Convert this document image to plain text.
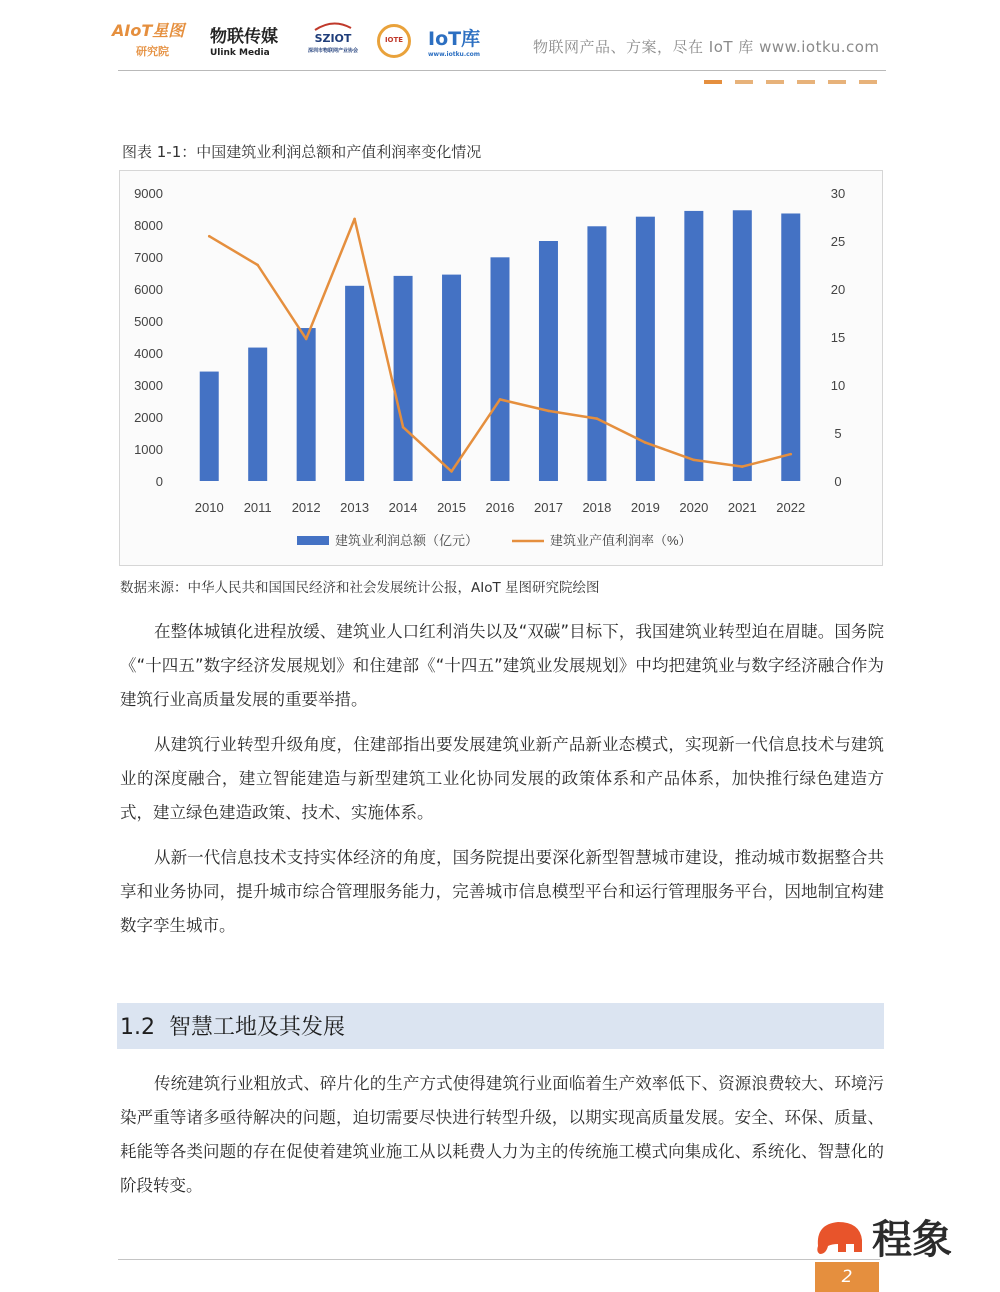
AIoT星图
研究院
物联传媒
Ulink Media
SZIOT
深圳市物联网产业协会
IOTE IoT库
www.iotku.com	物联网产品、方案，尽在 IoT 库 www.iotku.com
图表 1-1：中国建筑业利润总额和产值利润率变化情况
0
1000
2000
3000
4000
5000
6000
7000
8000
9000
0
5
10
15
20
25
30
2010 2011 2012 2013 2014 2015 2016 2017 2018 2019 2020 2021 2022
建筑业利润总额（亿元）	建筑业产值利润率（%）
数据来源：中华人民共和国国民经济和社会发展统计公报，AIoT 星图研究院绘图

在整体城镇化进程放缓、建筑业人口红利消失以及“双碳”目标下，我国建筑业转型迫在眉睫。国务院《“十四五”数字经济发展规划》和住建部《“十四五”建筑业发展规划》中均把建筑业与数字经济融合作为建筑行业高质量发展的重要举措。

从建筑行业转型升级角度，住建部指出要发展建筑业新产品新业态模式，实现新一代信息技术与建筑业的深度融合，建立智能建造与新型建筑工业化协同发展的政策体系和产品体系，加快推行绿色建造方式，建立绿色建造政策、技术、实施体系。

从新一代信息技术支持实体经济的角度，国务院提出要深化新型智慧城市建设，推动城市数据整合共享和业务协同，提升城市综合管理服务能力，完善城市信息模型平台和运行管理服务平台，因地制宜构建数字孪生城市。

1.2  智慧工地及其发展

传统建筑行业粗放式、碎片化的生产方式使得建筑行业面临着生产效率低下、资源浪费较大、环境污染严重等诸多亟待解决的问题，迫切需要尽快进行转型升级，以期实现高质量发展。安全、环保、质量、耗能等各类问题的存在促使着建筑业施工从以耗费人力为主的传统施工模式向集成化、系统化、智慧化的阶段转变。

2
程象
